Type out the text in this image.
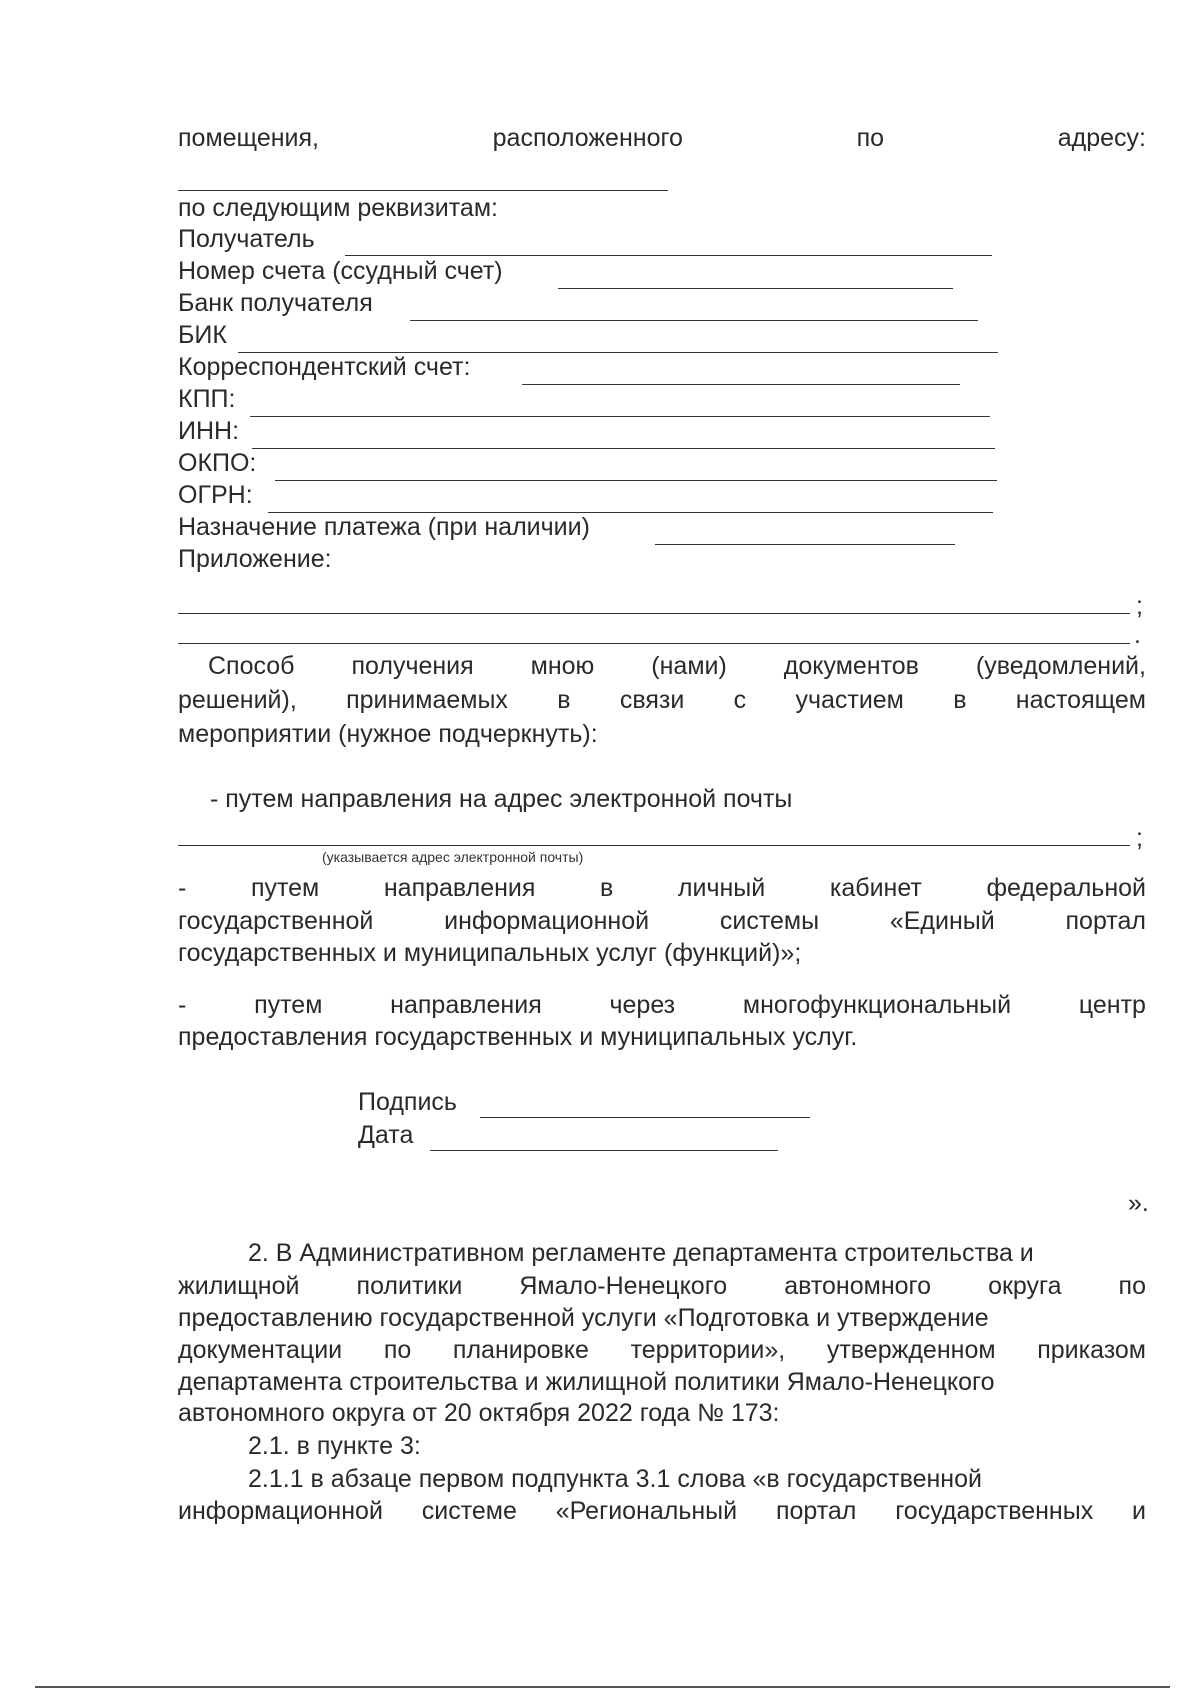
помещения,	расположенного	по	адресу:
по следующим реквизитам:
Получатель
Номер счета (ссудный счет)
Банк получателя
БИК
Корреспондентский счет:
КПП:
ИНН:
ОКПО:
ОГРН:
Назначение платежа (при наличии)
Приложение:
;
.
Способ получения мною (нами) документов (уведомлений,
решений), принимаемых в связи с участием в настоящем
мероприятии (нужное подчеркнуть):
- путем направления на адрес электронной почты
;
(указывается адрес электронной почты)
-	путем	направления	в	личный	кабинет	федеральной
государственной	информационной	системы	«Единый	портал
государственных и муниципальных услуг (функций)»;
-	путем	направления	через	многофункциональный	центр
предоставления государственных и муниципальных услуг.
Подпись
Дата
».
2. В Административном регламенте департамента строительства и
жилищной политики Ямало-Ненецкого автономного округа по
предоставлению государственной услуги «Подготовка и утверждение
документации по планировке территории», утвержденном приказом
департамента строительства и жилищной политики Ямало-Ненецкого
автономного округа от 20 октября 2022 года № 173:
2.1. в пункте 3:
2.1.1 в абзаце первом подпункта 3.1 слова «в государственной
информационной системе «Региональный портал государственных и
